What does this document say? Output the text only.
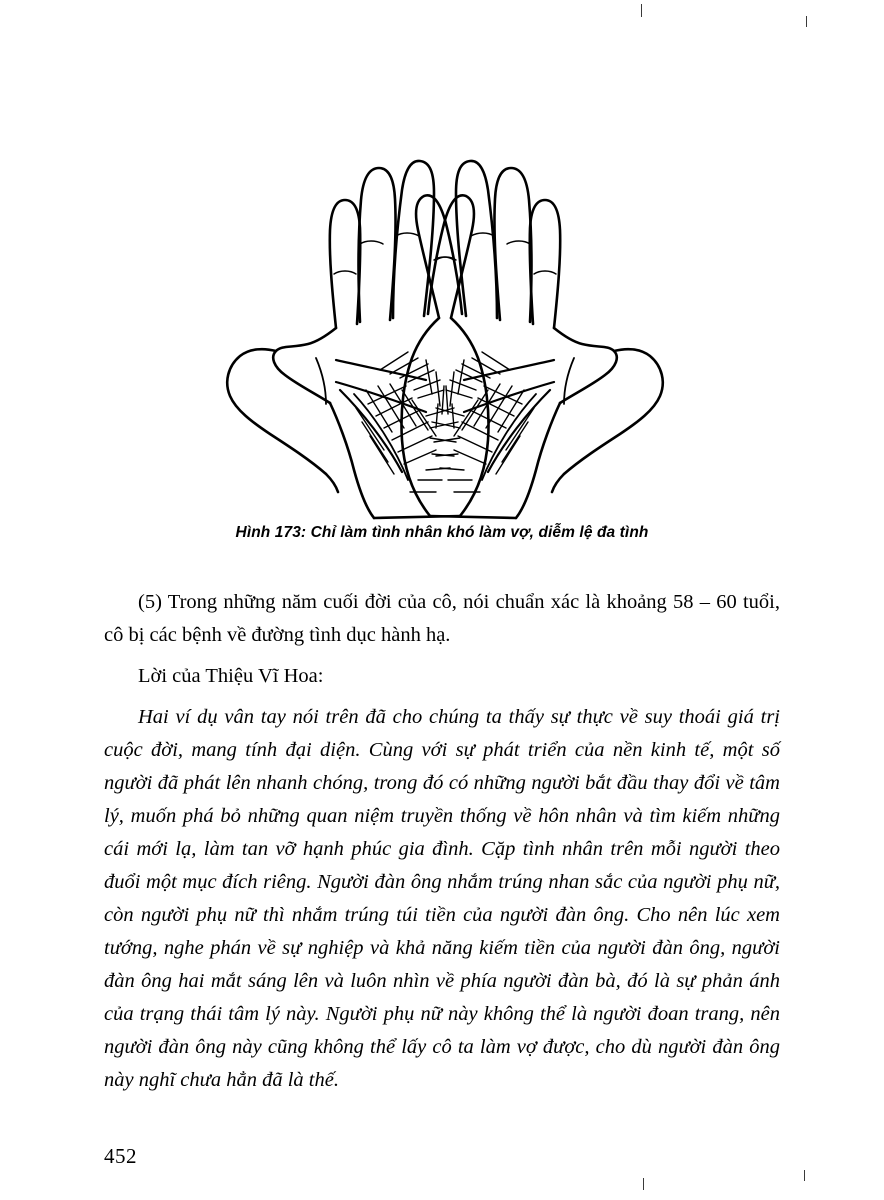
Hình 173: Chỉ làm tình nhân khó làm vợ, diễm lệ đa tình

(5) Trong những năm cuối đời của cô, nói chuẩn xác là khoảng 58 – 60 tuổi, cô bị các bệnh về đường tình dục hành hạ.

Lời của Thiệu Vĩ Hoa:

Hai ví dụ vân tay nói trên đã cho chúng ta thấy sự thực về suy thoái giá trị cuộc đời, mang tính đại diện. Cùng với sự phát triển của nền kinh tế, một số người đã phát lên nhanh chóng, trong đó có những người bắt đầu thay đổi về tâm lý, muốn phá bỏ những quan niệm truyền thống về hôn nhân và tìm kiếm những cái mới lạ, làm tan vỡ hạnh phúc gia đình. Cặp tình nhân trên mỗi người theo đuổi một mục đích riêng. Người đàn ông nhắm trúng nhan sắc của người phụ nữ, còn người phụ nữ thì nhắm trúng túi tiền của người đàn ông. Cho nên lúc xem tướng, nghe phán về sự nghiệp và khả năng kiếm tiền của người đàn ông, người đàn ông hai mắt sáng lên và luôn nhìn về phía người đàn bà, đó là sự phản ánh của trạng thái tâm lý này. Người phụ nữ này không thể là người đoan trang, nên người đàn ông này cũng không thể lấy cô ta làm vợ được, cho dù người đàn ông này nghĩ chưa hẳn đã là thế.

452
